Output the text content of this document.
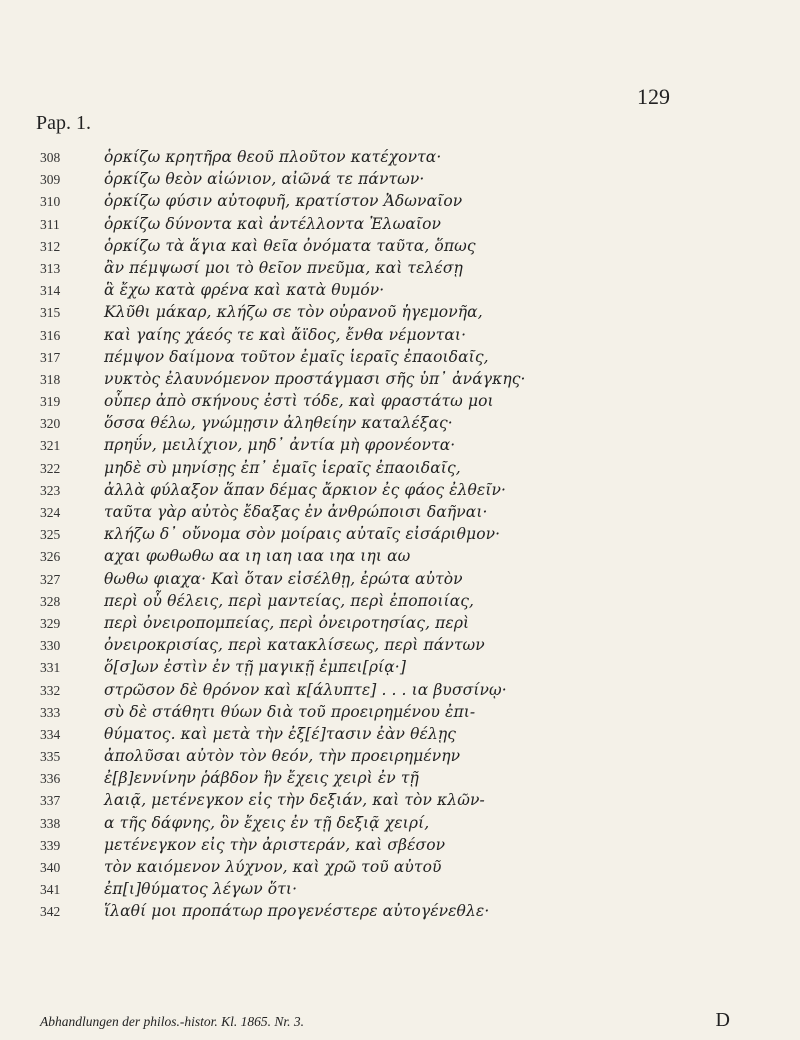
129
Pap. 1.
308	ὁρκίζω κρητῆρα θεοῦ πλοῦτον κατέχοντα·
309	ὁρκίζω θεὸν αἰώνιον, αἰῶνά τε πάντων·
310	ὁρκίζω φύσιν αὐτοφυῆ, κρατίστον Ἀδωναῖον
311	ὁρκίζω δύνοντα καὶ ἀντέλλοντα Ἐλωαῖον
312	ὁρκίζω τὰ ἅγια καὶ θεῖα ὀνόματα ταῦτα, ὅπως
313	ἂν πέμψωσί μοι τὸ θεῖον πνεῦμα, καὶ τελέσῃ
314	ἃ ἔχω κατὰ φρένα καὶ κατὰ θυμόν·
315	Κλῦθι μάκαρ, κλήζω σε τὸν οὐρανοῦ ἡγεμονῆα,
316	καὶ γαίης χάεός τε καὶ ἄϊδος, ἔνθα νέμονται·
317	πέμψον δαίμονα τοῦτον ἐμαῖς ἱεραῖς ἐπαοιδαῖς,
318	νυκτὸς ἐλαυνόμενον προστάγμασι σῆς ὑπ᾿ ἀνάγκης·
319	οὗπερ ἀπὸ σκήνους ἐστὶ τόδε, καὶ φραστάτω μοι
320	ὅσσα θέλω, γνώμῃσιν ἀληθείην καταλέξας·
321	πρηΰν, μειλίχιον, μηδ᾿ ἀντία μὴ φρονέοντα·
322	μηδὲ σὺ μηνίσῃς ἐπ᾿ ἐμαῖς ἱεραῖς ἐπαοιδαῖς,
323	ἀλλὰ φύλαξον ἅπαν δέμας ἄρκιον ἐς φάος ἐλθεῖν·
324	ταῦτα γὰρ αὐτὸς ἔδαξας ἐν ἀνθρώποισι δαῆναι·
325	κλήζω δ᾿ οὔνομα σὸν μοίραις αὐταῖς εἰσάριθμον·
326	αχαι φωθωθω αα ιη ιαη ιαα ιηα ιηι αω
327	θωθω φιαχα· Καὶ ὅταν εἰσέλθῃ, ἐρώτα αὐτὸν
328	περὶ οὗ θέλεις, περὶ μαντείας, περὶ ἐποποιίας,
329	περὶ ὀνειροπομπείας, περὶ ὀνειροτησίας, περὶ
330	ὀνειροκρισίας, περὶ κατακλίσεως, περὶ πάντων
331	ὅ[σ]ων ἐστὶν ἐν τῇ μαγικῇ ἐμπει[ρίᾳ·]
332	στρῶσον δὲ θρόνον καὶ κ[άλυπτε] . . . ια βυσσίνῳ·
333	σὺ δὲ στάθητι θύων διὰ τοῦ προειρημένου ἐπι-
334	θύματος. καὶ μετὰ τὴν ἐξ[έ]τασιν ἐὰν θέλῃς
335	ἀπολῦσαι αὐτὸν τὸν θεόν, τὴν προειρημένην
336	ἐ[β]εννίνην ῥάβδον ἣν ἔχεις χειρὶ ἐν τῇ
337	λαιᾷ, μετένεγκον εἰς τὴν δεξιάν, καὶ τὸν κλῶν-
338	α τῆς δάφνης, ὃν ἔχεις ἐν τῇ δεξιᾷ χειρί,
339	μετένεγκον εἰς τὴν ἀριστεράν, καὶ σβέσον
340	τὸν καιόμενον λύχνον, καὶ χρῶ τοῦ αὐτοῦ
341	ἐπ[ι]θύματος λέγων ὅτι·
342	ἵλαθί μοι προπάτωρ προγενέστερε αὐτογένεθλε·
Abhandlungen der philos.-histor. Kl. 1865. Nr. 3.	D
